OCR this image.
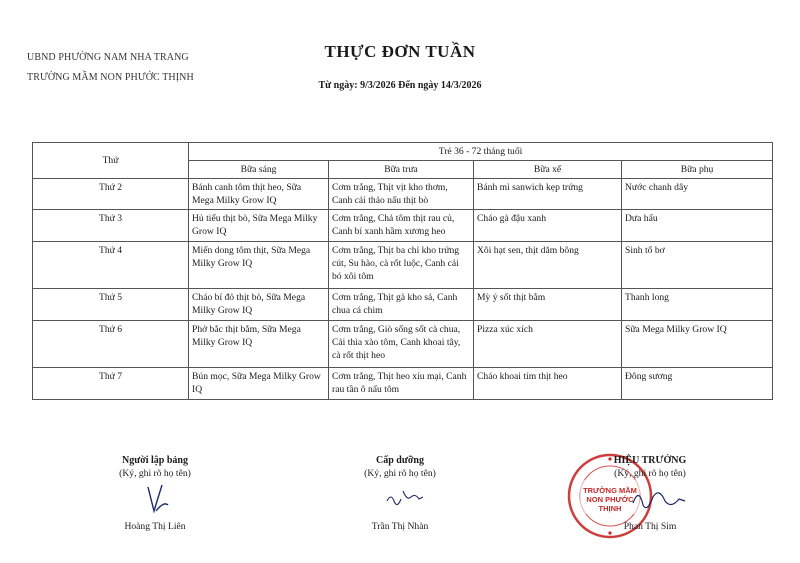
UBND PHƯỜNG NAM NHA TRANG
TRƯỜNG MẦM NON PHƯỚC THỊNH
THỰC ĐƠN TUẦN
Từ ngày: 9/3/2026 Đến ngày 14/3/2026
Thứ	Trẻ 36 - 72 tháng tuổi			
	Bữa sáng	Bữa trưa	Bữa xế	Bữa phụ
Thứ 2	Bánh canh tôm thịt heo, Sữa Mega Milky Grow IQ	Cơm trắng, Thịt vịt kho thơm, Canh cải thảo nấu thịt bò	Bánh mì sanwich kẹp trứng	Nước chanh dây
Thứ 3	Hủ tiếu thịt bò, Sữa Mega Milky Grow IQ	Cơm trắng, Chả tôm thịt rau củ, Canh bí xanh hầm xương heo	Cháo gà đậu xanh	Dưa hấu
Thứ 4	Miến dong tôm thịt, Sữa Mega Milky Grow IQ	Cơm trắng, Thịt ba chỉ kho trứng cút, Su hào, cà rốt luộc, Canh cải bó xôi tôm	Xôi hạt sen, thịt dăm bông	Sinh tố bơ
Thứ 5	Cháo bí đỏ thịt bò, Sữa Mega Milky Grow IQ	Cơm trắng, Thịt gà kho sả, Canh chua cá chim	Mỳ ý sốt thịt bằm	Thanh long
Thứ 6	Phở bắc thịt bằm, Sữa Mega Milky Grow IQ	Cơm trắng, Giò sống sốt cà chua, Cải thìa xào tôm, Canh khoai tây, cà rốt thịt heo	Pizza xúc xích	Sữa Mega Milky Grow IQ
Thứ 7	Bún mọc, Sữa Mega Milky Grow IQ	Cơm trắng, Thịt heo xíu mại, Canh rau tần ô nấu tôm	Cháo khoai tím thịt heo	Đông sương
TRƯỜNG MẦM NON PHƯỚC THỊNH
Người lập bảng
(Ký, ghi rõ họ tên)
Hoàng Thị Liên
Cấp dưỡng
(Ký, ghi rõ họ tên)
Trần Thị Nhàn
HIỆU TRƯỞNG
(Ký, ghi rõ họ tên)
Phan Thị Sim
